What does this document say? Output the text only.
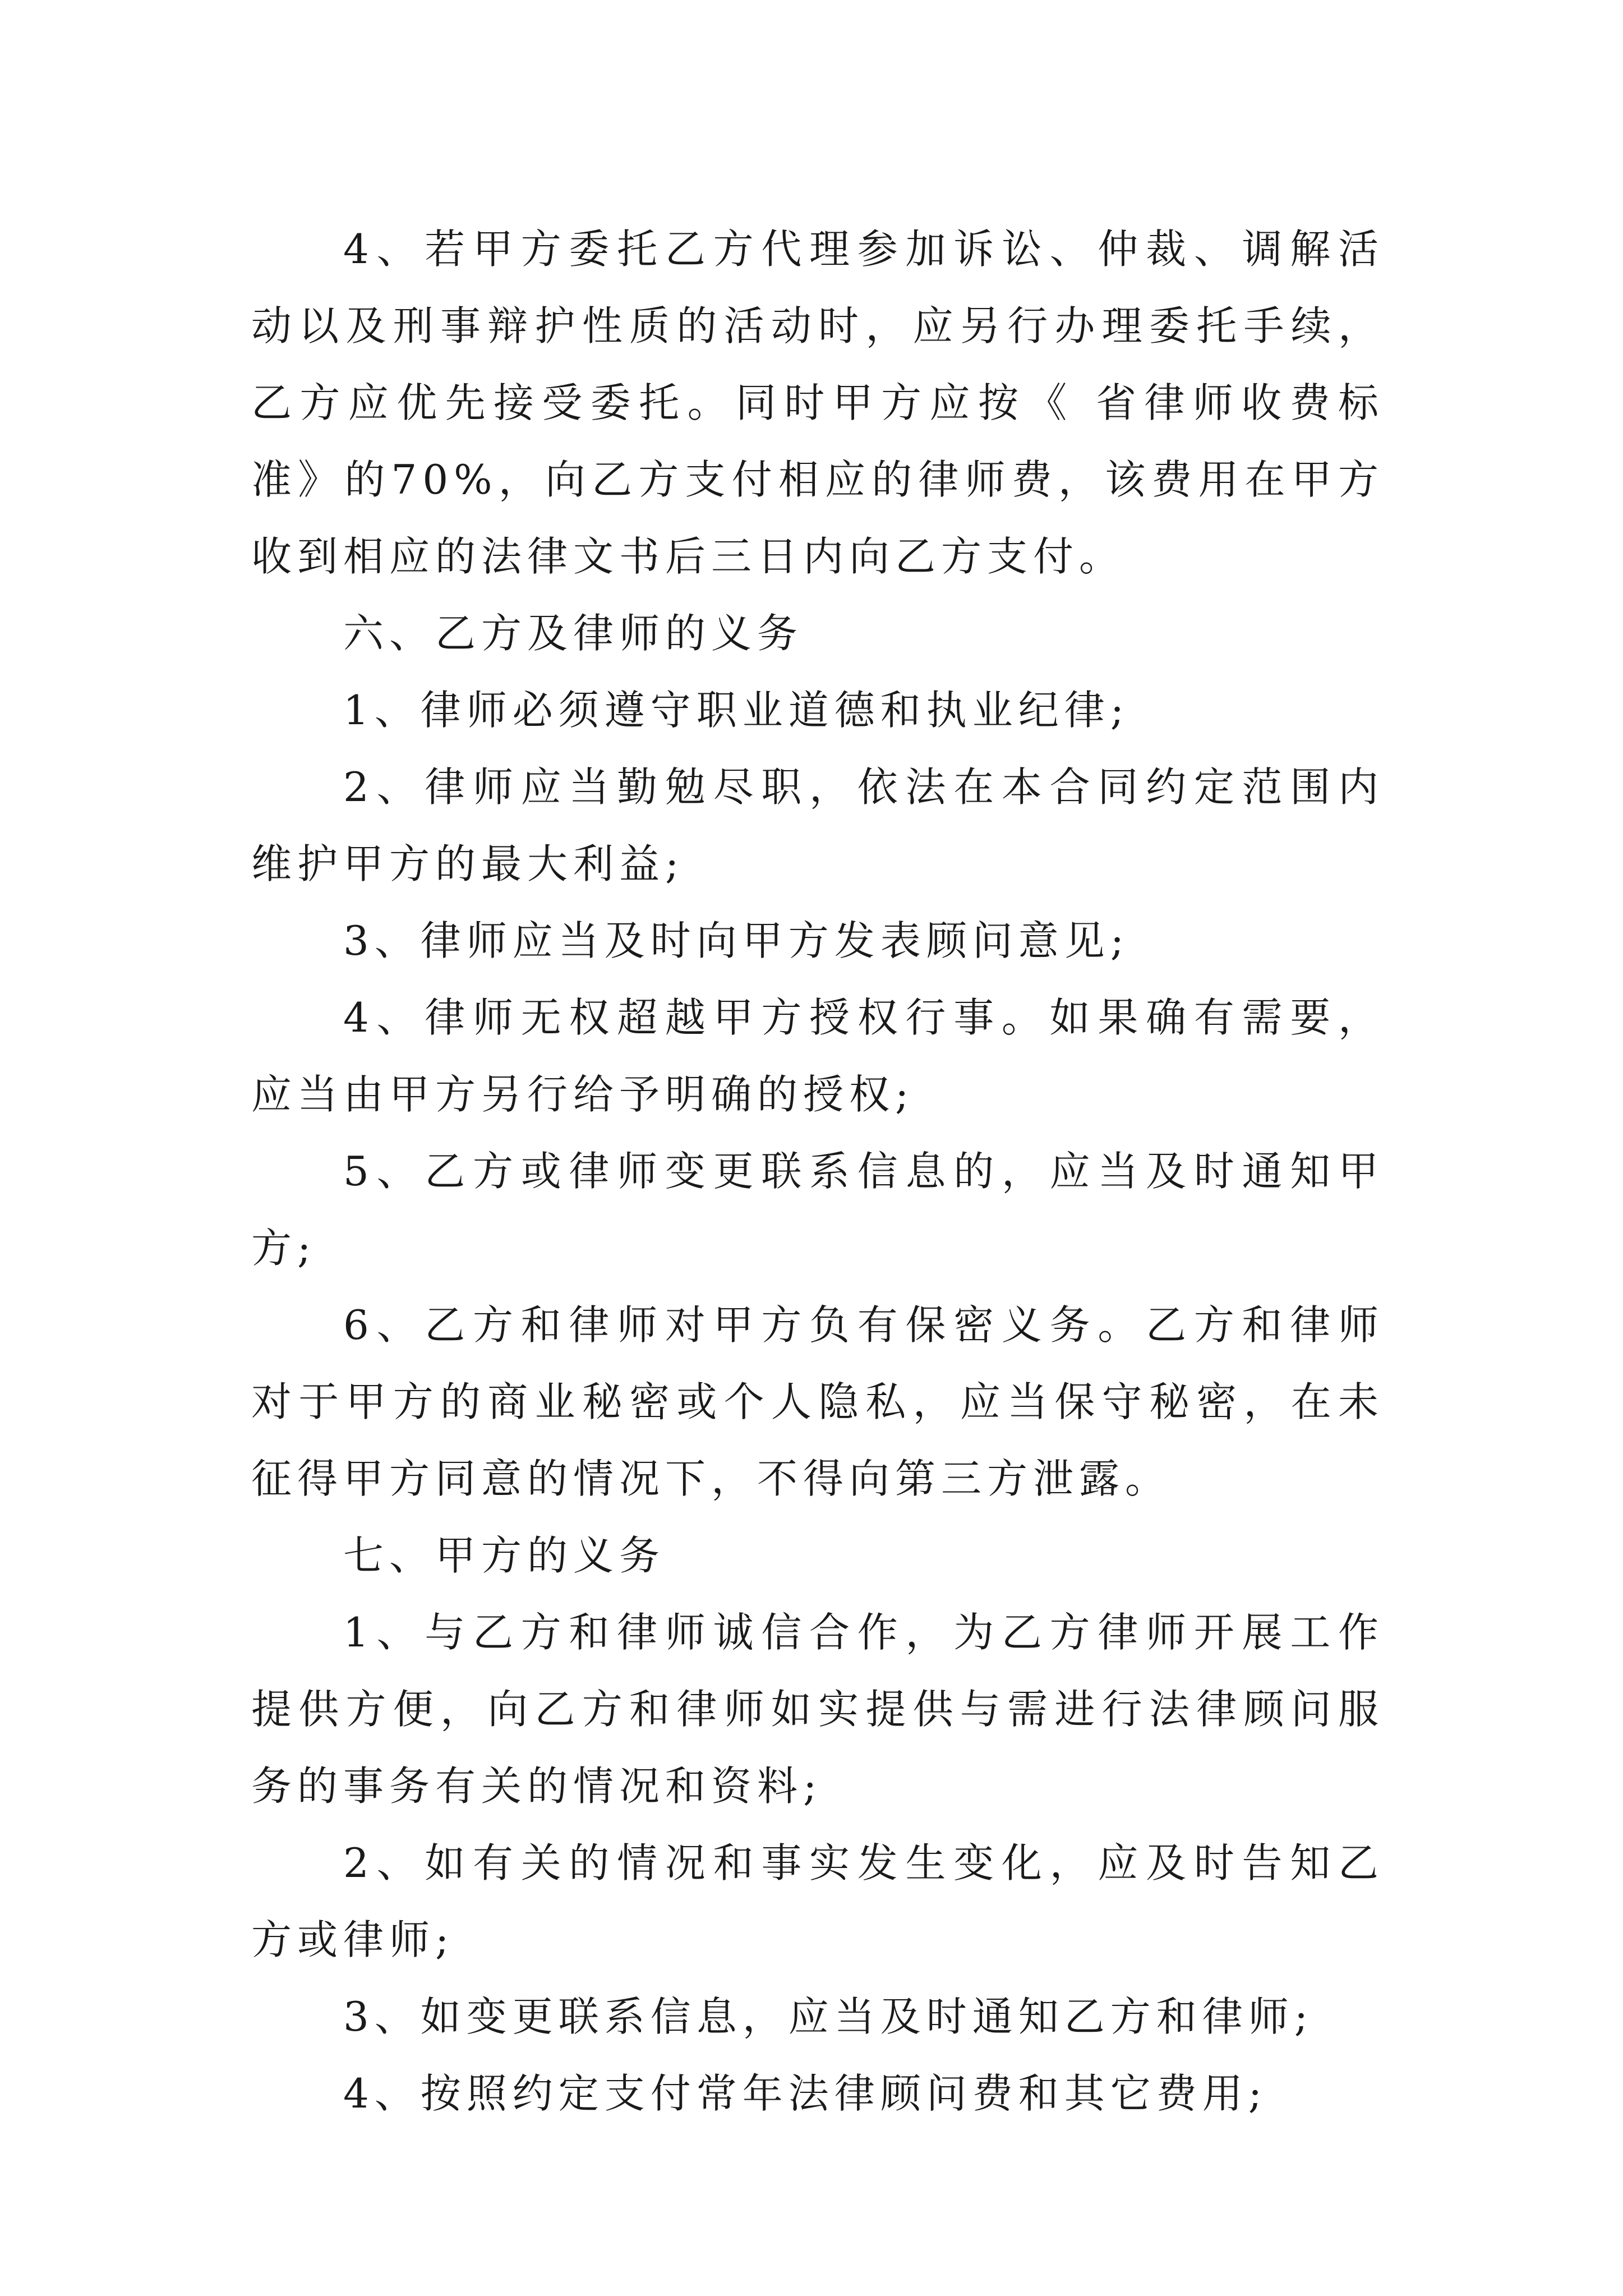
4、若甲方委托乙方代理参加诉讼、仲裁、调解活动以及刑事辩护性质的活动时，应另行办理委托手续，乙方应优先接受委托。同时甲方应按《 省律师收费标准》的70%，向乙方支付相应的律师费，该费用在甲方收到相应的法律文书后三日内向乙方支付。

六、乙方及律师的义务

1、律师必须遵守职业道德和执业纪律;

2、律师应当勤勉尽职，依法在本合同约定范围内维护甲方的最大利益;

3、律师应当及时向甲方发表顾问意见;

4、律师无权超越甲方授权行事。如果确有需要，应当由甲方另行给予明确的授权;

5、乙方或律师变更联系信息的，应当及时通知甲方;

6、乙方和律师对甲方负有保密义务。乙方和律师对于甲方的商业秘密或个人隐私，应当保守秘密，在未征得甲方同意的情况下，不得向第三方泄露。

七、甲方的义务

1、与乙方和律师诚信合作，为乙方律师开展工作提供方便，向乙方和律师如实提供与需进行法律顾问服务的事务有关的情况和资料;

2、如有关的情况和事实发生变化，应及时告知乙方或律师;

3、如变更联系信息，应当及时通知乙方和律师;

4、按照约定支付常年法律顾问费和其它费用;
